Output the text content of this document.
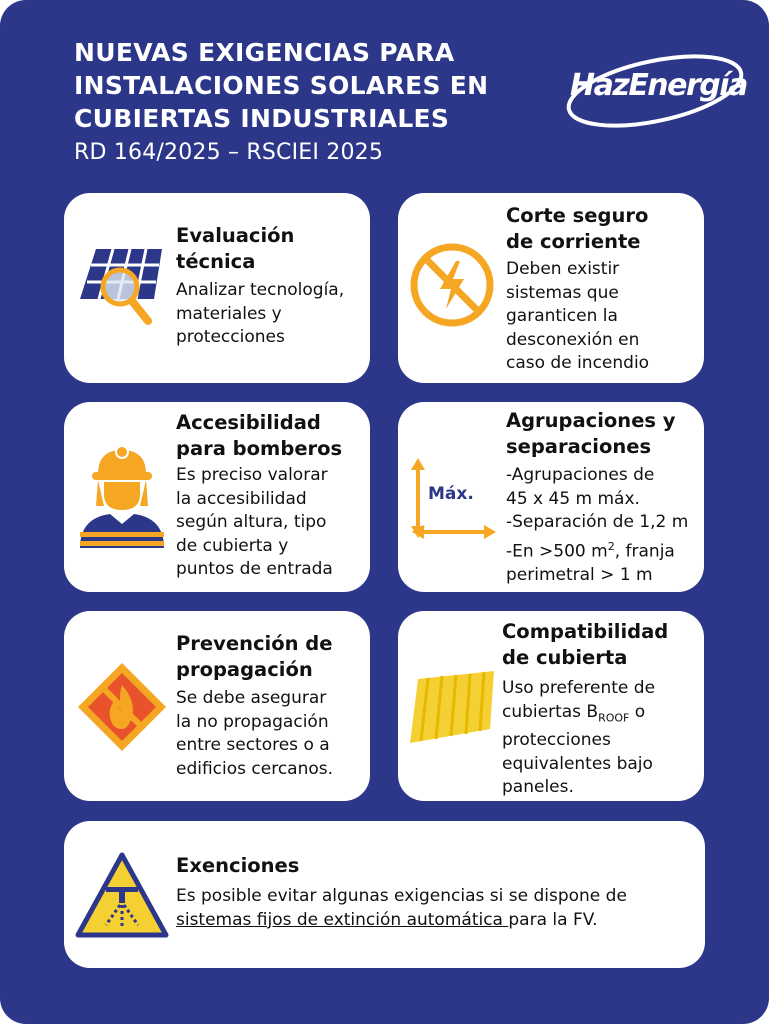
NUEVAS EXIGENCIAS PARA
INSTALACIONES SOLARES EN
CUBIERTAS INDUSTRIALES
RD 164/2025 – RSCIEI 2025
HazEnergía
Evaluación
técnica
Analizar tecnología,
materiales y
protecciones
Corte seguro
de corriente
Deben existir
sistemas que
garanticen la
desconexión en
caso de incendio
Accesibilidad
para bomberos
Es preciso valorar
la accesibilidad
según altura, tipo
de cubierta y
puntos de entrada
Máx.
Agrupaciones y
separaciones
-Agrupaciones de
45 x 45 m máx.
-Separación de 1,2 m
-En >500 $m^2$, franja
perimetral > 1 m
Prevención de
propagación
Se debe asegurar
la no propagación
entre sectores o a
edificios cercanos.
Compatibilidad
de cubierta
Uso preferente de
cubiertas $B_{ROOF}$ o
protecciones
equivalentes bajo
paneles.
Exenciones
Es posible evitar algunas exigencias si se dispone de
sistemas fijos de extinción automática para la FV.
